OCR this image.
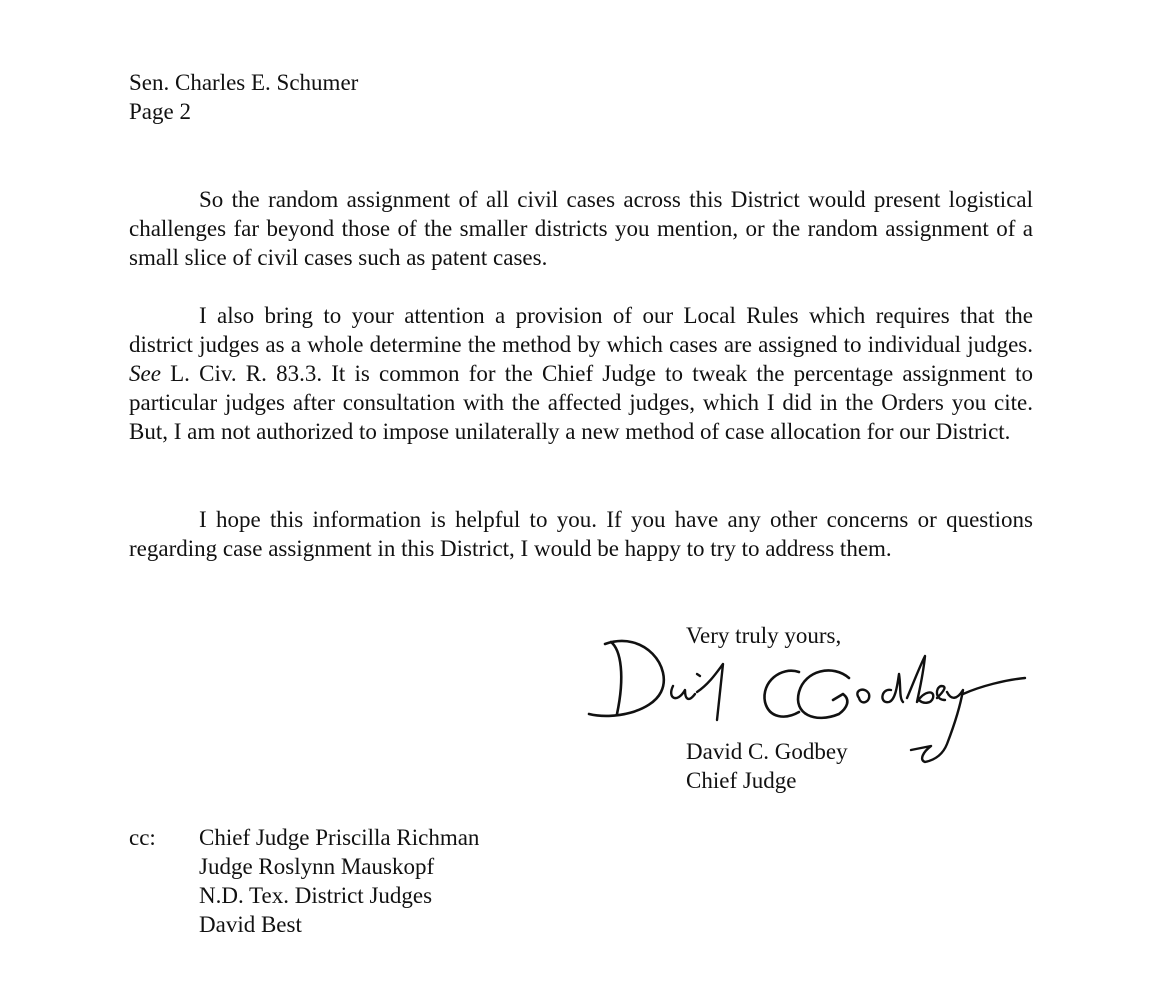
Sen. Charles E. Schumer
Page 2

So the random assignment of all civil cases across this District would present logistical challenges far beyond those of the smaller districts you mention, or the random assignment of a small slice of civil cases such as patent cases.

I also bring to your attention a provision of our Local Rules which requires that the district judges as a whole determine the method by which cases are assigned to individual judges. See L. Civ. R. 83.3. It is common for the Chief Judge to tweak the percentage assignment to particular judges after consultation with the affected judges, which I did in the Orders you cite. But, I am not authorized to impose unilaterally a new method of case allocation for our District.

I hope this information is helpful to you. If you have any other concerns or questions regarding case assignment in this District, I would be happy to try to address them.

Very truly yours,
David C. Godbey
Chief Judge
cc: Chief Judge Priscilla Richman
Judge Roslynn Mauskopf
N.D. Tex. District Judges
David Best
